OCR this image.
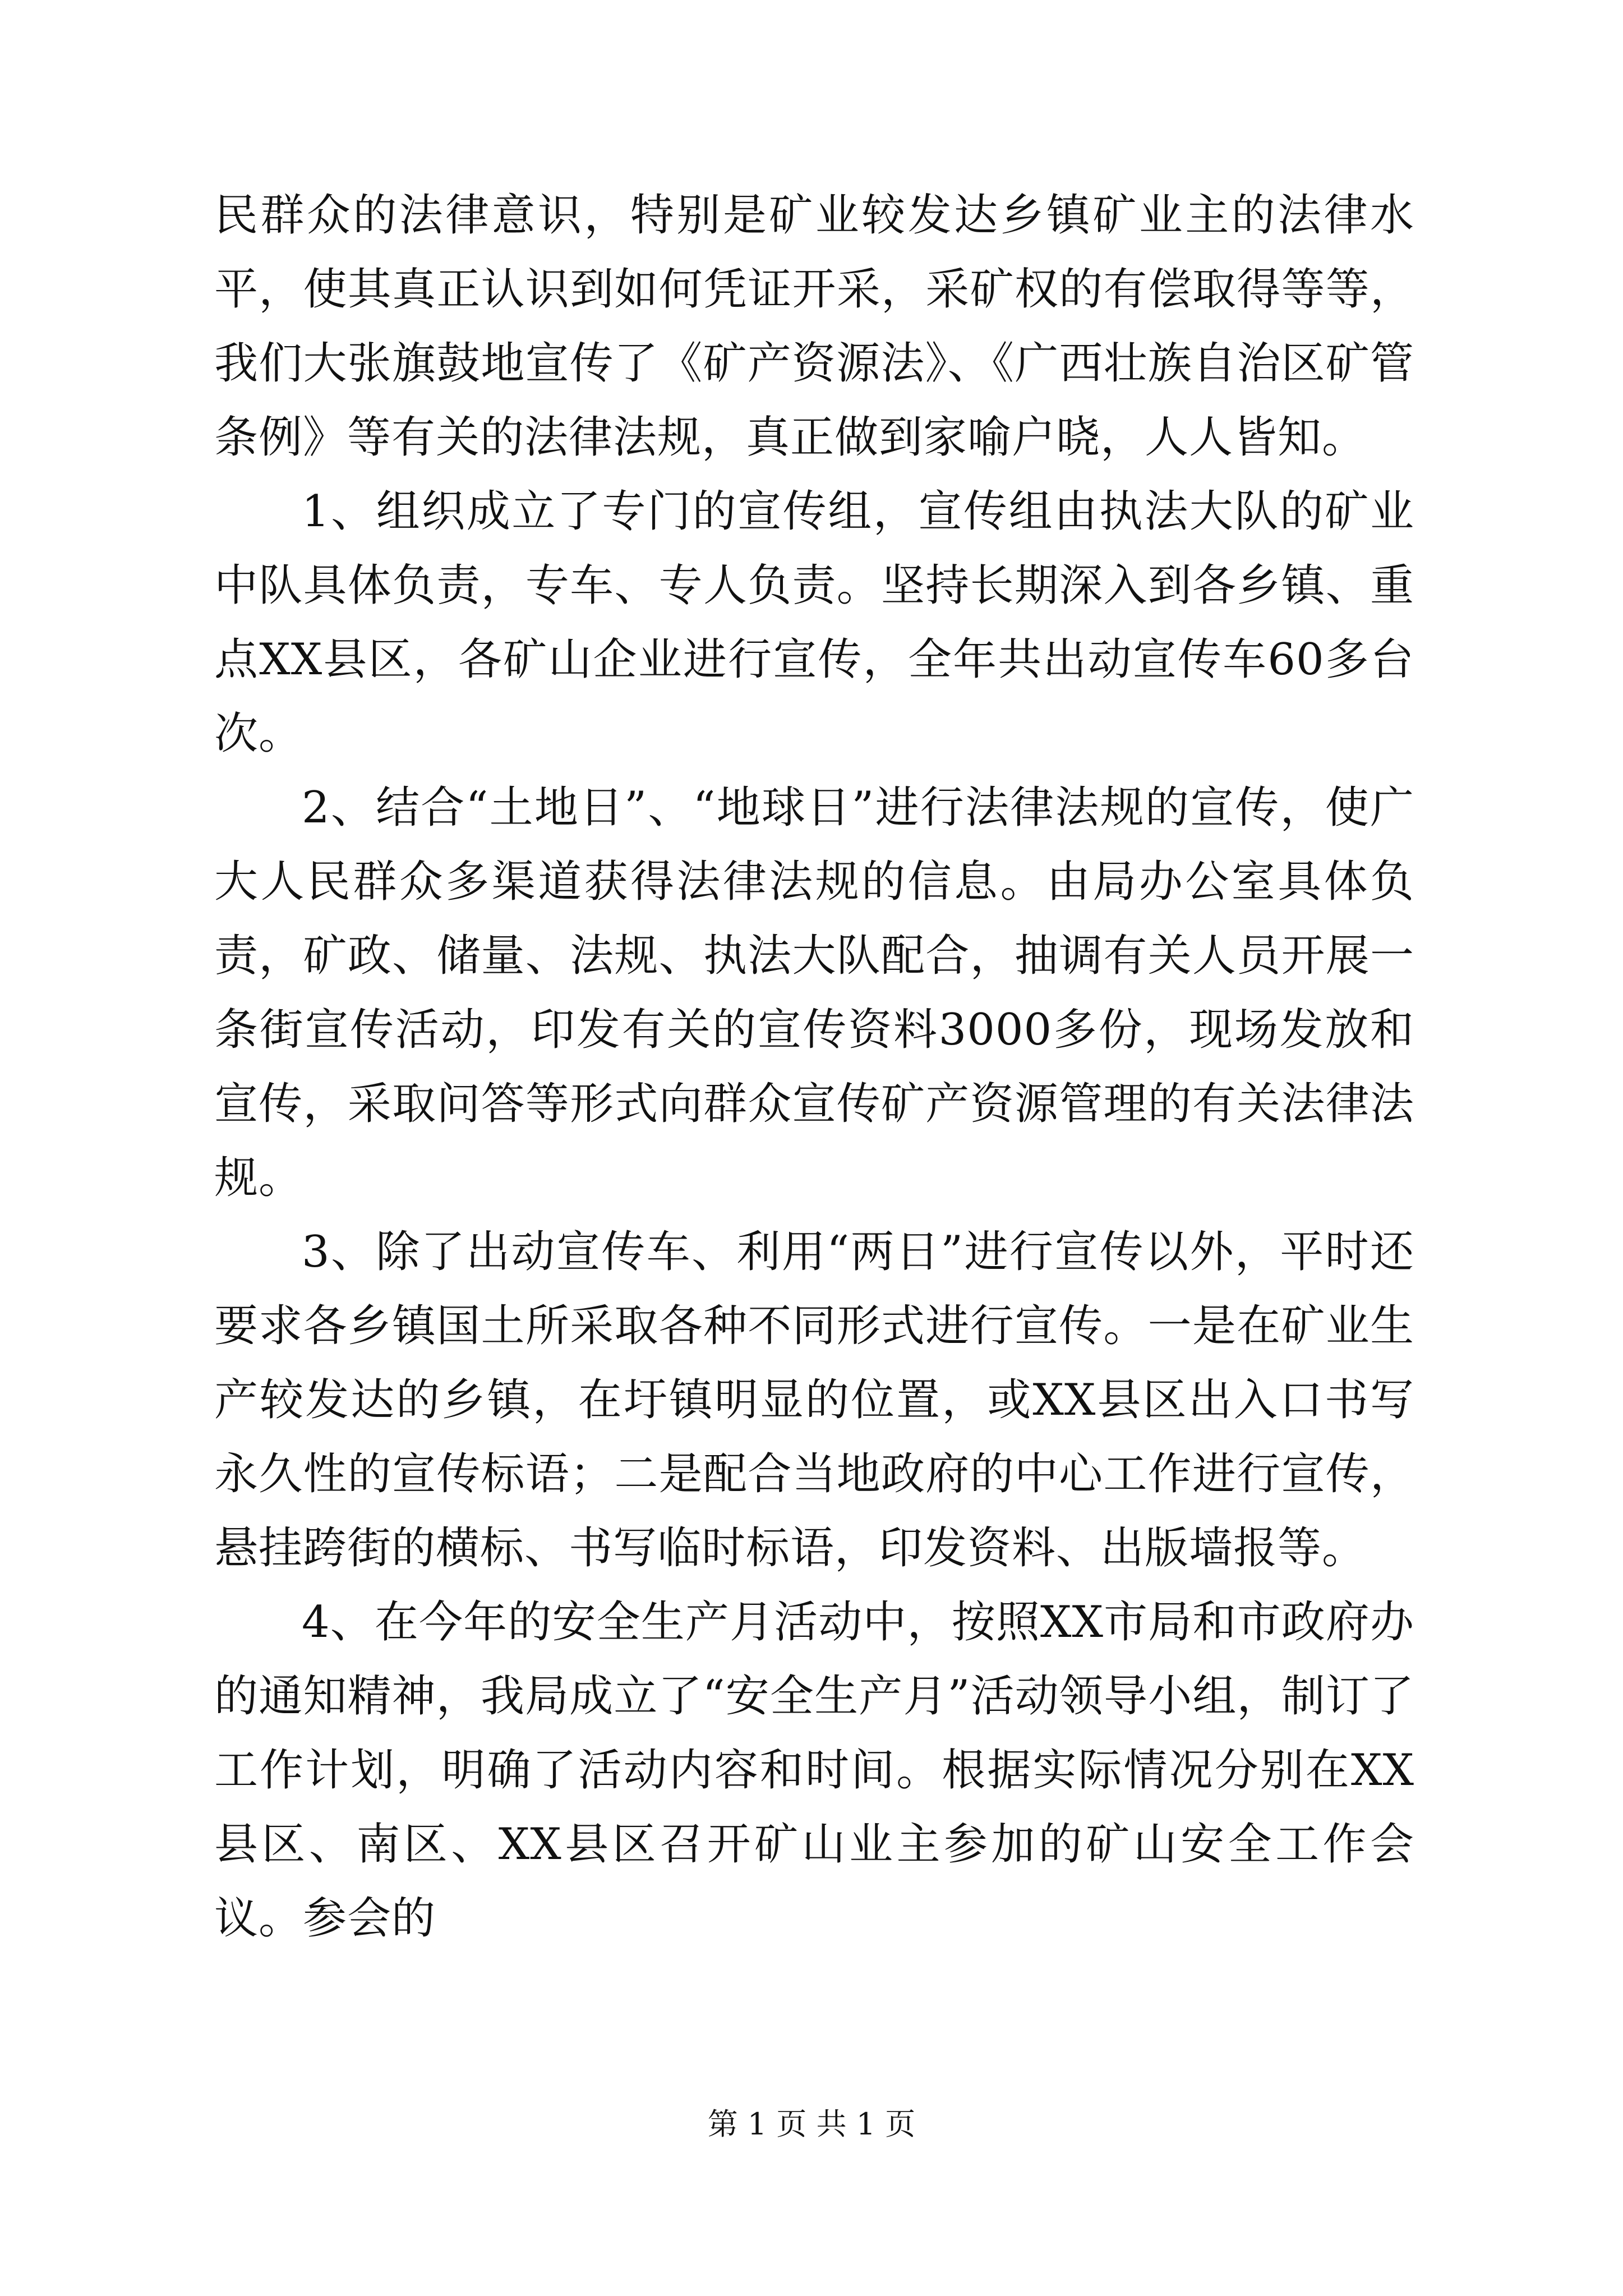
民群众的法律意识，特别是矿业较发达乡镇矿业主的法律水平，使其真正认识到如何凭证开采，采矿权的有偿取得等等，我们大张旗鼓地宣传了《矿产资源法》、《广西壮族自治区矿管条例》等有关的法律法规，真正做到家喻户晓，人人皆知。

1、组织成立了专门的宣传组，宣传组由执法大队的矿业中队具体负责，专车、专人负责。坚持长期深入到各乡镇、重点XX县区，各矿山企业进行宣传，全年共出动宣传车60多台次。

2、结合“土地日”、“地球日”进行法律法规的宣传，使广大人民群众多渠道获得法律法规的信息。由局办公室具体负责，矿政、储量、法规、执法大队配合，抽调有关人员开展一条街宣传活动，印发有关的宣传资料3000多份，现场发放和宣传，采取问答等形式向群众宣传矿产资源管理的有关法律法规。

3、除了出动宣传车、利用“两日”进行宣传以外，平时还要求各乡镇国土所采取各种不同形式进行宣传。一是在矿业生产较发达的乡镇，在圩镇明显的位置，或XX县区出入口书写永久性的宣传标语；二是配合当地政府的中心工作进行宣传，悬挂跨街的横标、书写临时标语，印发资料、出版墙报等。

4、在今年的安全生产月活动中，按照XX市局和市政府办的通知精神，我局成立了“安全生产月”活动领导小组，制订了工作计划，明确了活动内容和时间。根据实际情况分别在XX县区、南区、XX县区召开矿山业主参加的矿山安全工作会议。参会的

第 1 页 共 1 页
